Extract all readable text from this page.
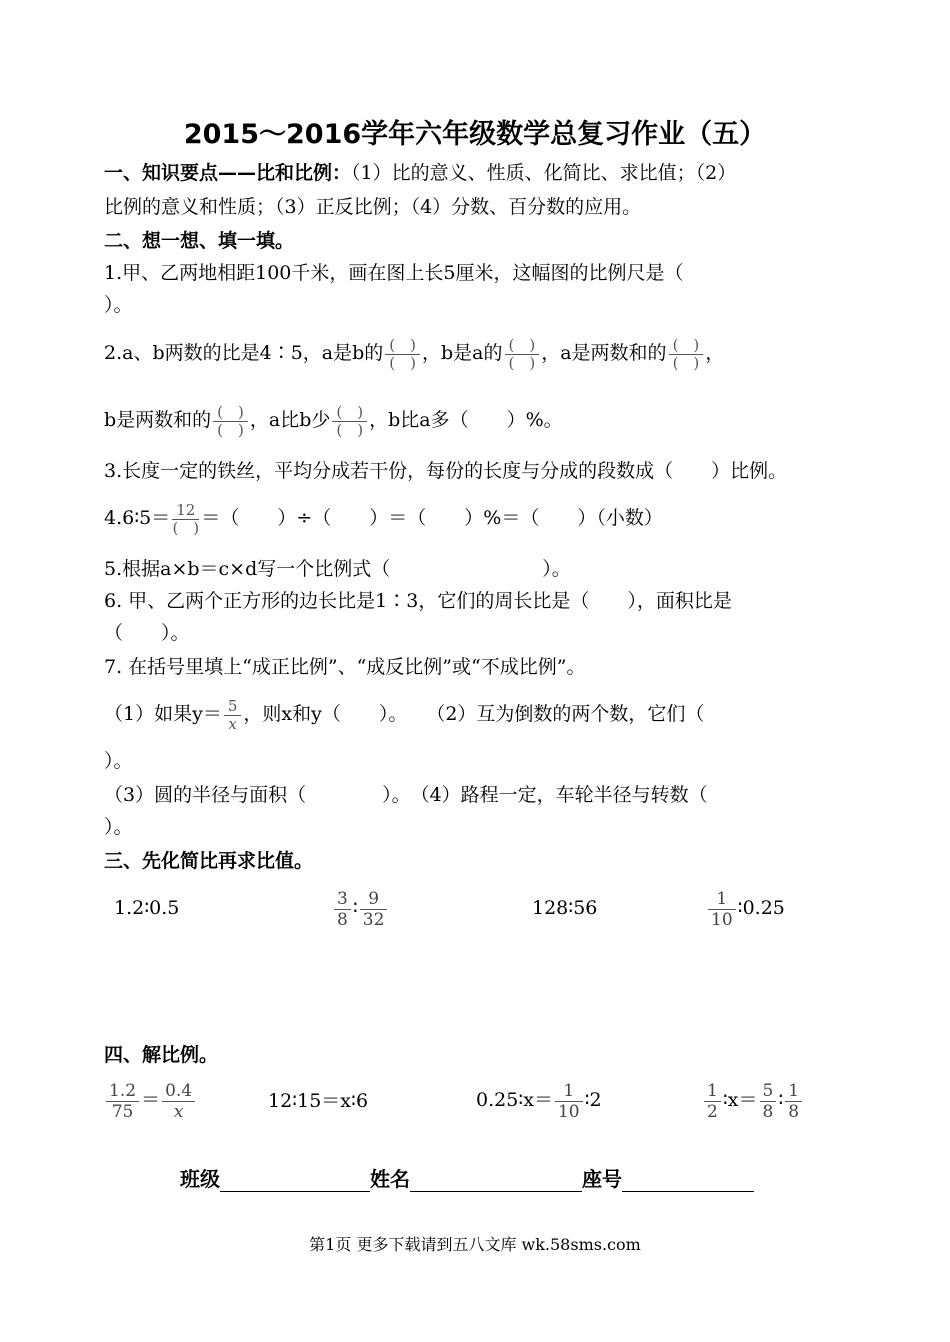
2015～2016学年六年级数学总复习作业（五）
一、知识要点——比和比例：（1）比的意义、性质、化简比、求比值；（2）
比例的意义和性质；（3）正反比例；（4）分数、百分数的应用。
二、想一想、填一填。
1.甲、乙两地相距100千米，画在图上长5厘米，这幅图的比例尺是（
）。
2.a、b两数的比是4∶5，a是b的 $\frac{( )}{( )}$ ，b是a的 $\frac{( )}{( )}$ ，a是两数和的 $\frac{( )}{( )}$ ，
b是两数和的 $\frac{( )}{( )}$ ，a比b少 $\frac{( )}{( )}$ ，b比a多（　　）%。
3.长度一定的铁丝，平均分成若干份，每份的长度与分成的段数成（　　）比例。
4.6∶5＝ $\frac{12}{( )}$ ＝（　　）÷（　　）＝（　　）%＝（　　）（小数）
5.根据a×b＝c×d写一个比例式（　　　　　　　　）。
6. 甲、乙两个正方形的边长比是1∶3，它们的周长比是（　　），面积比是
（　　）。
7. 在括号里填上“成正比例”、“成反比例”或“不成比例”。
（1）如果$y= \frac{5}{x}$ ，则x和y（　　）。　　（2）互为倒数的两个数，它们（
）。
（3）圆的半径与面积（　　　　）。　（4）路程一定，车轮半径与转数（
）。
三、先化简比再求比值。
1.2∶0.5	$\frac{3}{8}$ ∶ $\frac{9}{32}$	128∶56	$\frac{1}{10}$ ∶0.25
四、解比例。
$\frac{1.2}{75} = \frac{0.4}{x}$	12∶15＝x∶6	0.25∶x＝ $\frac{1}{10}$ ∶2	$\frac{1}{2}$ ∶x＝ $\frac{5}{8}$ ∶ $\frac{1}{8}$
班级	姓名	座号
第1页 更多下载请到五八文库 wk.58sms.com
